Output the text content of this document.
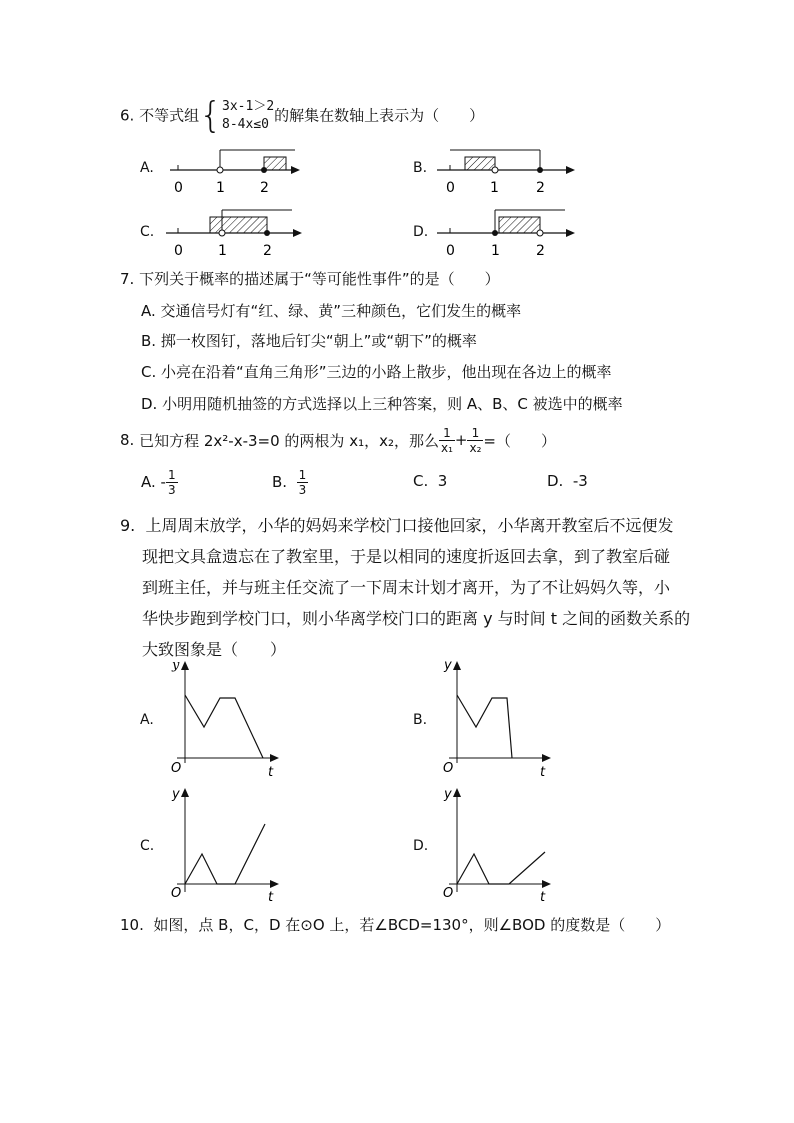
6. 不等式组{ 3x-1＞2
8-4x≤0 的解集在数轴上表示为（　　）
A.
0 1	2
B.
0	1	2
C.
0	1	2
D.
0	1	2
7. 下列关于概率的描述属于“等可能性事件”的是（　　）
A. 交通信号灯有“红、绿、黄”三种颜色，它们发生的概率
B. 掷一枚图钉，落地后钉尖“朝上”或“朝下”的概率
C. 小亮在沿着“直角三角形”三边的小路上散步，他出现在各边上的概率
D. 小明用随机抽签的方式选择以上三种答案，则 A、B、C 被选中的概率
8.
已知方程 2x²-x-3=0 的两根为 x₁，x₂，那么 $\frac{1}{\text{x₁}} + \frac{1}{\text{x₂}}$ =（　　）
A.
- $\frac{1}{3}$	B.
$\frac{1}{3}$	C. 3	D. -3
9. 上周周末放学，小华的妈妈来学校门口接他回家，小华离开教室后不远便发
现把文具盒遗忘在了教室里，于是以相同的速度折返回去拿，到了教室后碰
到班主任，并与班主任交流了一下周末计划才离开，为了不让妈妈久等，小
华快步跑到学校门口，则小华离学校门口的距离 y 与时间 t 之间的函数关系的
大致图象是（　　）
A.
y
O	t
B.
y
O	t
C.
y
O	t
D.
y
O	t
10. 如图，点 B，C，D 在⊙O 上，若∠BCD=130°，则∠BOD 的度数是（　　）
